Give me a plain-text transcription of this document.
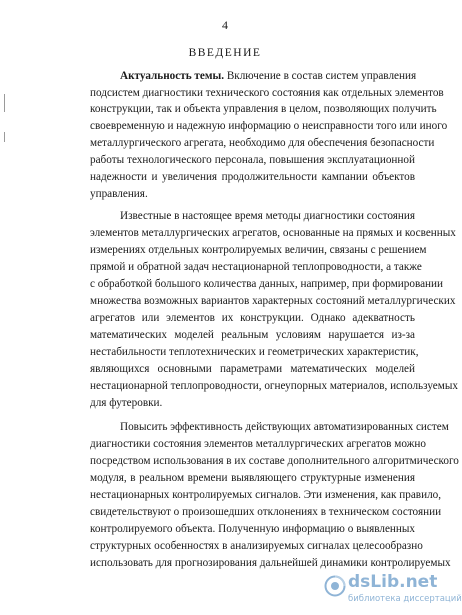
4
ВВЕДЕНИЕ
Актуальность темы. Включение в состав систем управления
подсистем диагностики технического состояния как отдельных элементов
конструкции, так и объекта управления в целом, позволяющих получить
своевременную и надежную информацию о неисправности того или иного
металлургического агрегата, необходимо для обеспечения безопасности
работы технологического персонала, повышения эксплуатационной
надежности и увеличения продолжительности кампании объектов
управления.
Известные в настоящее время методы диагностики состояния
элементов металлургических агрегатов, основанные на прямых и косвенных
измерениях отдельных контролируемых величин, связаны с решением
прямой и обратной задач нестационарной теплопроводности, а также
с обработкой большого количества данных, например, при формировании
множества возможных вариантов характерных состояний металлургических
агрегатов или элементов их конструкции. Однако адекватность
математических моделей реальным условиям нарушается из-за
нестабильности теплотехнических и геометрических характеристик,
являющихся основными параметрами математических моделей
нестационарной теплопроводности, огнеупорных материалов, используемых
для футеровки.
Повысить эффективность действующих автоматизированных систем
диагностики состояния элементов металлургических агрегатов можно
посредством использования в их составе дополнительного алгоритмического
модуля, в реальном времени выявляющего структурные изменения
нестационарных контролируемых сигналов. Эти изменения, как правило,
свидетельствуют о произошедших отклонениях в техническом состоянии
контролируемого объекта. Полученную информацию о выявленных
структурных особенностях в анализируемых сигналах целесообразно
использовать для прогнозирования дальнейшей динамики контролируемых
dsLib.net
библиотека диссертаций
